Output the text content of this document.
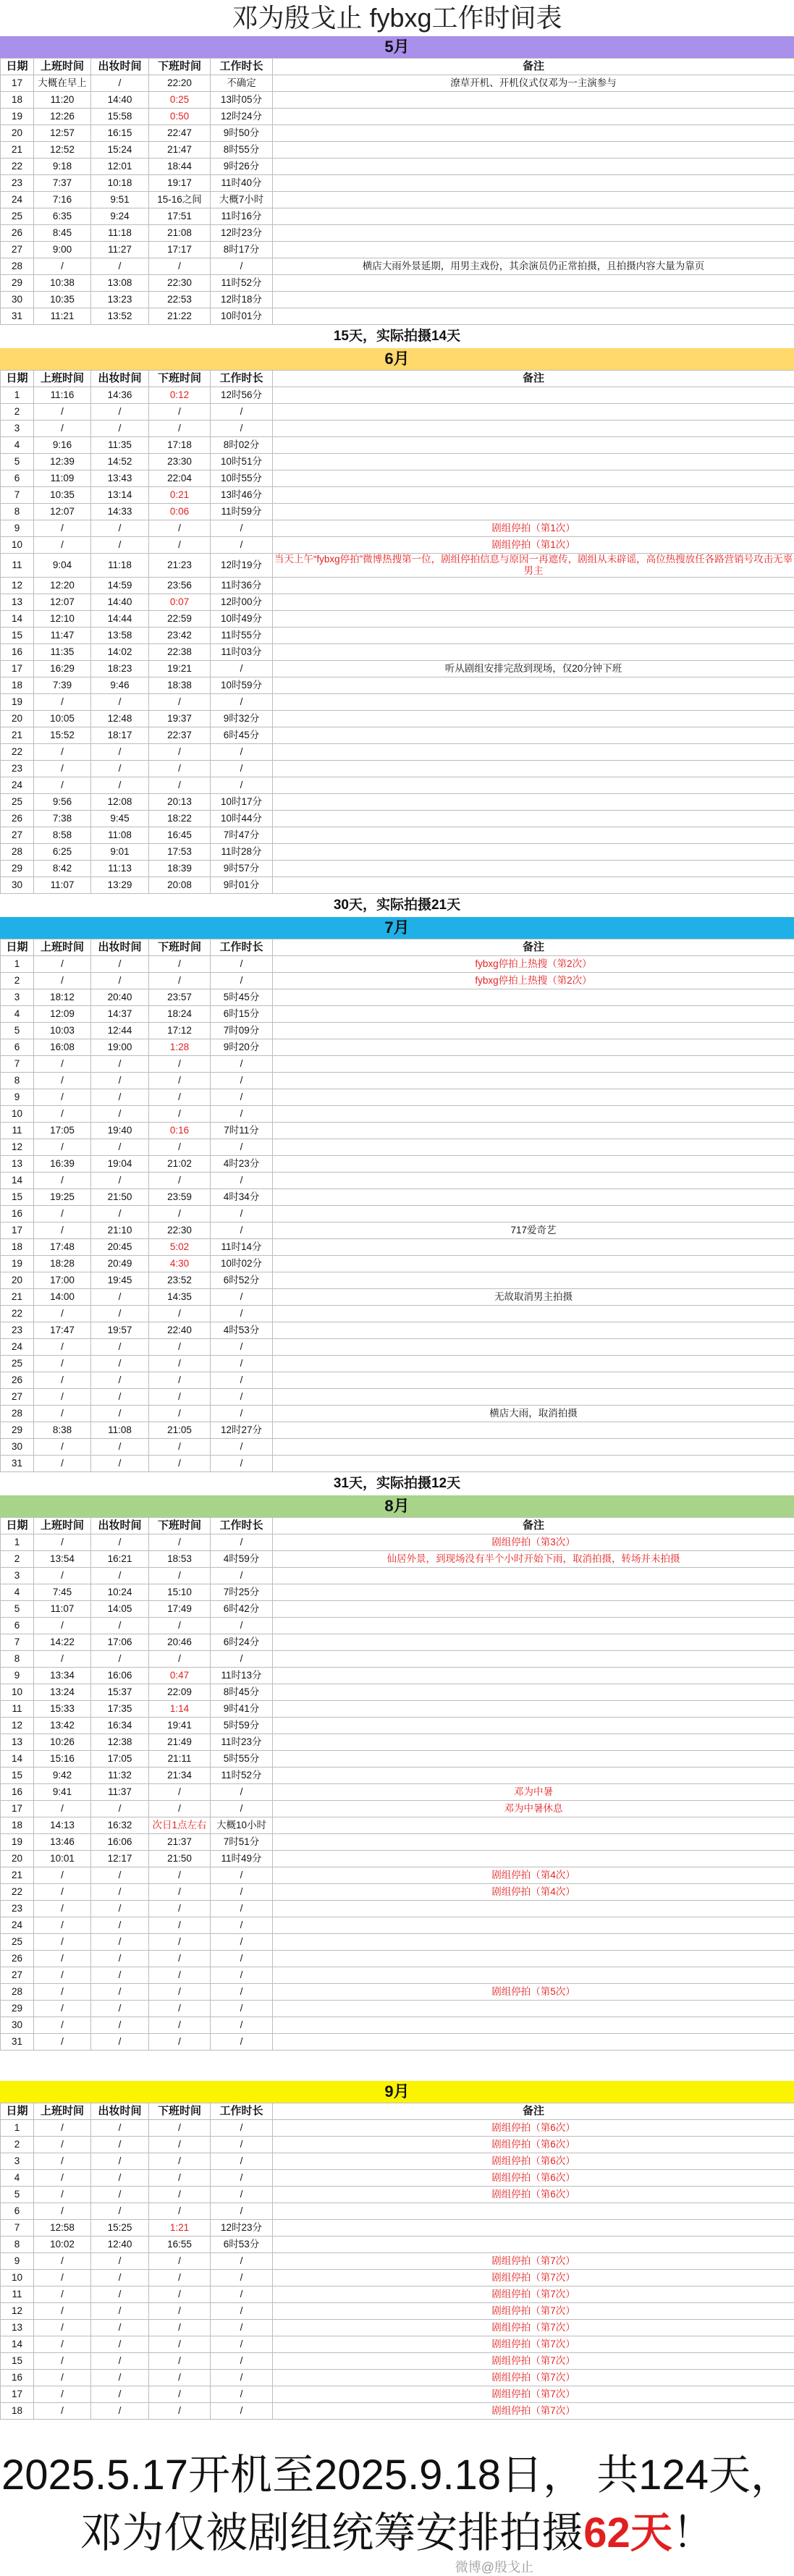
邓为殷戈止 fybxg工作时间表
5月
日期	上班时间	出妆时间	下班时间	工作时长	备注
17	大概在早上	/	22:20	不确定	潦草开机、开机仪式仅邓为一主演参与
18	11:20	14:40	0:25	13时05分	
19	12:26	15:58	0:50	12时24分	
20	12:57	16:15	22:47	9时50分	
21	12:52	15:24	21:47	8时55分	
22	9:18	12:01	18:44	9时26分	
23	7:37	10:18	19:17	11时40分	
24	7:16	9:51	15-16之间	大概7小时	
25	6:35	9:24	17:51	11时16分	
26	8:45	11:18	21:08	12时23分	
27	9:00	11:27	17:17	8时17分	
28	/	/	/	/	横店大雨外景延期，用男主戏份，其余演员仍正常拍摄，且拍摄内容大量为靠页
29	10:38	13:08	22:30	11时52分	
30	10:35	13:23	22:53	12时18分	
31	11:21	13:52	21:22	10时01分	
15天，实际拍摄14天
6月
日期	上班时间	出妆时间	下班时间	工作时长	备注
1	11:16	14:36	0:12	12时56分	
2	/	/	/	/	
3	/	/	/	/	
4	9:16	11:35	17:18	8时02分	
5	12:39	14:52	23:30	10时51分	
6	11:09	13:43	22:04	10时55分	
7	10:35	13:14	0:21	13时46分	
8	12:07	14:33	0:06	11时59分	
9	/	/	/	/	剧组停拍（第1次）
10	/	/	/	/	剧组停拍（第1次）
11	9:04	11:18	21:23	12时19分	当天上午“fybxg停拍”微博热搜第一位，剧组停拍信息与原因一再遮传，剧组从未辟谣，高位热搜放任各路营销号攻击无辜男主
12	12:20	14:59	23:56	11时36分	
13	12:07	14:40	0:07	12时00分	
14	12:10	14:44	22:59	10时49分	
15	11:47	13:58	23:42	11时55分	
16	11:35	14:02	22:38	11时03分	
17	16:29	18:23	19:21	/	听从剧组安排完敌到现场，仅20分钟下班
18	7:39	9:46	18:38	10时59分	
19	/	/	/	/	
20	10:05	12:48	19:37	9时32分	
21	15:52	18:17	22:37	6时45分	
22	/	/	/	/	
23	/	/	/	/	
24	/	/	/	/	
25	9:56	12:08	20:13	10时17分	
26	7:38	9:45	18:22	10时44分	
27	8:58	11:08	16:45	7时47分	
28	6:25	9:01	17:53	11时28分	
29	8:42	11:13	18:39	9时57分	
30	11:07	13:29	20:08	9时01分	
30天，实际拍摄21天
7月
日期	上班时间	出妆时间	下班时间	工作时长	备注
1	/	/	/	/	fybxg停拍上热搜（第2次）
2	/	/	/	/	fybxg停拍上热搜（第2次）
3	18:12	20:40	23:57	5时45分	
4	12:09	14:37	18:24	6时15分	
5	10:03	12:44	17:12	7时09分	
6	16:08	19:00	1:28	9时20分	
7	/	/	/	/	
8	/	/	/	/	
9	/	/	/	/	
10	/	/	/	/	
11	17:05	19:40	0:16	7时11分	
12	/	/	/	/	
13	16:39	19:04	21:02	4时23分	
14	/	/	/	/	
15	19:25	21:50	23:59	4时34分	
16	/	/	/	/	
17	/	21:10	22:30	/	717爱奇艺
18	17:48	20:45	5:02	11时14分	
19	18:28	20:49	4:30	10时02分	
20	17:00	19:45	23:52	6时52分	
21	14:00	/	14:35	/	无故取消男主拍摄
22	/	/	/	/	
23	17:47	19:57	22:40	4时53分	
24	/	/	/	/	
25	/	/	/	/	
26	/	/	/	/	
27	/	/	/	/	
28	/	/	/	/	横店大雨，取消拍摄
29	8:38	11:08	21:05	12时27分	
30	/	/	/	/	
31	/	/	/	/	
31天，实际拍摄12天
8月
日期	上班时间	出妆时间	下班时间	工作时长	备注
1	/	/	/	/	剧组停拍（第3次）
2	13:54	16:21	18:53	4时59分	仙居外景，到现场没有半个小时开始下雨，取消拍摄，转场并未拍摄
3	/	/	/	/	
4	7:45	10:24	15:10	7时25分	
5	11:07	14:05	17:49	6时42分	
6	/	/	/	/	
7	14:22	17:06	20:46	6时24分	
8	/	/	/	/	
9	13:34	16:06	0:47	11时13分	
10	13:24	15:37	22:09	8时45分	
11	15:33	17:35	1:14	9时41分	
12	13:42	16:34	19:41	5时59分	
13	10:26	12:38	21:49	11时23分	
14	15:16	17:05	21:11	5时55分	
15	9:42	11:32	21:34	11时52分	
16	9:41	11:37	/	/	邓为中暑
17	/	/	/	/	邓为中暑休息
18	14:13	16:32	次日1点左右	大概10小时	
19	13:46	16:06	21:37	7时51分	
20	10:01	12:17	21:50	11时49分	
21	/	/	/	/	剧组停拍（第4次）
22	/	/	/	/	剧组停拍（第4次）
23	/	/	/	/	
24	/	/	/	/	
25	/	/	/	/	
26	/	/	/	/	
27	/	/	/	/	
28	/	/	/	/	剧组停拍（第5次）
29	/	/	/	/	
30	/	/	/	/	
31	/	/	/	/	
9月
日期	上班时间	出妆时间	下班时间	工作时长	备注
1	/	/	/	/	剧组停拍（第6次）
2	/	/	/	/	剧组停拍（第6次）
3	/	/	/	/	剧组停拍（第6次）
4	/	/	/	/	剧组停拍（第6次）
5	/	/	/	/	剧组停拍（第6次）
6	/	/	/	/	
7	12:58	15:25	1:21	12时23分	
8	10:02	12:40	16:55	6时53分	
9	/	/	/	/	剧组停拍（第7次）
10	/	/	/	/	剧组停拍（第7次）
11	/	/	/	/	剧组停拍（第7次）
12	/	/	/	/	剧组停拍（第7次）
13	/	/	/	/	剧组停拍（第7次）
14	/	/	/	/	剧组停拍（第7次）
15	/	/	/	/	剧组停拍（第7次）
16	/	/	/	/	剧组停拍（第7次）
17	/	/	/	/	剧组停拍（第7次）
18	/	/	/	/	剧组停拍（第7次）
2025.5.17开机至2025.9.18日， 共124天，
邓为仅被剧组统筹安排拍摄62天！
微博@殷戈止
